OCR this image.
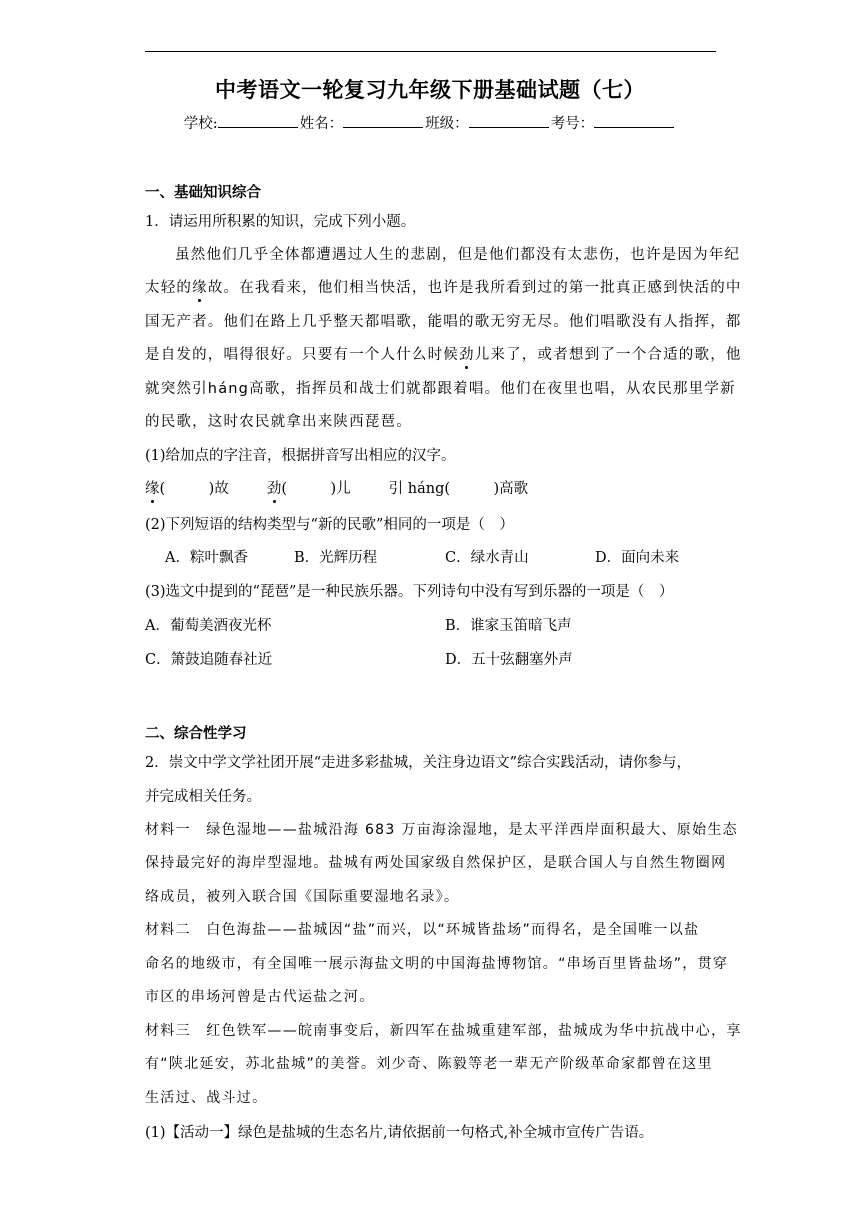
中考语文一轮复习九年级下册基础试题（七）
学校:	姓名：	班级：	考号：
一、基础知识综合
1．请运用所积累的知识，完成下列小题。
虽然他们几乎全体都遭遇过人生的悲剧，但是他们都没有太悲伤，也许是因为年纪
太轻的缘故。在我看来，他们相当快活，也许是我所看到过的第一批真正感到快活的中
国无产者。他们在路上几乎整天都唱歌，能唱的歌无穷无尽。他们唱歌没有人指挥，都
是自发的，唱得很好。只要有一个人什么时候劲儿来了，或者想到了一个合适的歌，他
就突然引háng高歌，指挥员和战士们就都跟着唱。他们在夜里也唱，从农民那里学新
的民歌，这时农民就拿出来陕西琵琶。
(1)给加点的字注音，根据拼音写出相应的汉字。
缘(　　　)故	劲(　　　)儿	引 háng(　　　)高歌
(2)下列短语的结构类型与“新的民歌”相同的一项是（　）
A．粽叶飘香	B．光辉历程	C．绿水青山	D．面向未来
(3)选文中提到的“琵琶”是一种民族乐器。下列诗句中没有写到乐器的一项是（　）
A．葡萄美酒夜光杯	B．谁家玉笛暗飞声
C．箫鼓追随春社近	D．五十弦翻塞外声
二、综合性学习
2．崇文中学文学社团开展“走进多彩盐城，关注身边语文”综合实践活动，请你参与，
并完成相关任务。
材料一　绿色湿地——盐城沿海 683 万亩海涂湿地，是太平洋西岸面积最大、原始生态
保持最完好的海岸型湿地。盐城有两处国家级自然保护区，是联合国人与自然生物圈网
络成员，被列入联合国《国际重要湿地名录》。
材料二　白色海盐——盐城因“盐”而兴，以“环城皆盐场”而得名，是全国唯一以盐
命名的地级市，有全国唯一展示海盐文明的中国海盐博物馆。“串场百里皆盐场”，贯穿
市区的串场河曾是古代运盐之河。
材料三　红色铁军——皖南事变后，新四军在盐城重建军部，盐城成为华中抗战中心，享
有“陕北延安，苏北盐城”的美誉。刘少奇、陈毅等老一辈无产阶级革命家都曾在这里
生活过、战斗过。
(1)【活动一】绿色是盐城的生态名片,请依据前一句格式,补全城市宣传广告语。
